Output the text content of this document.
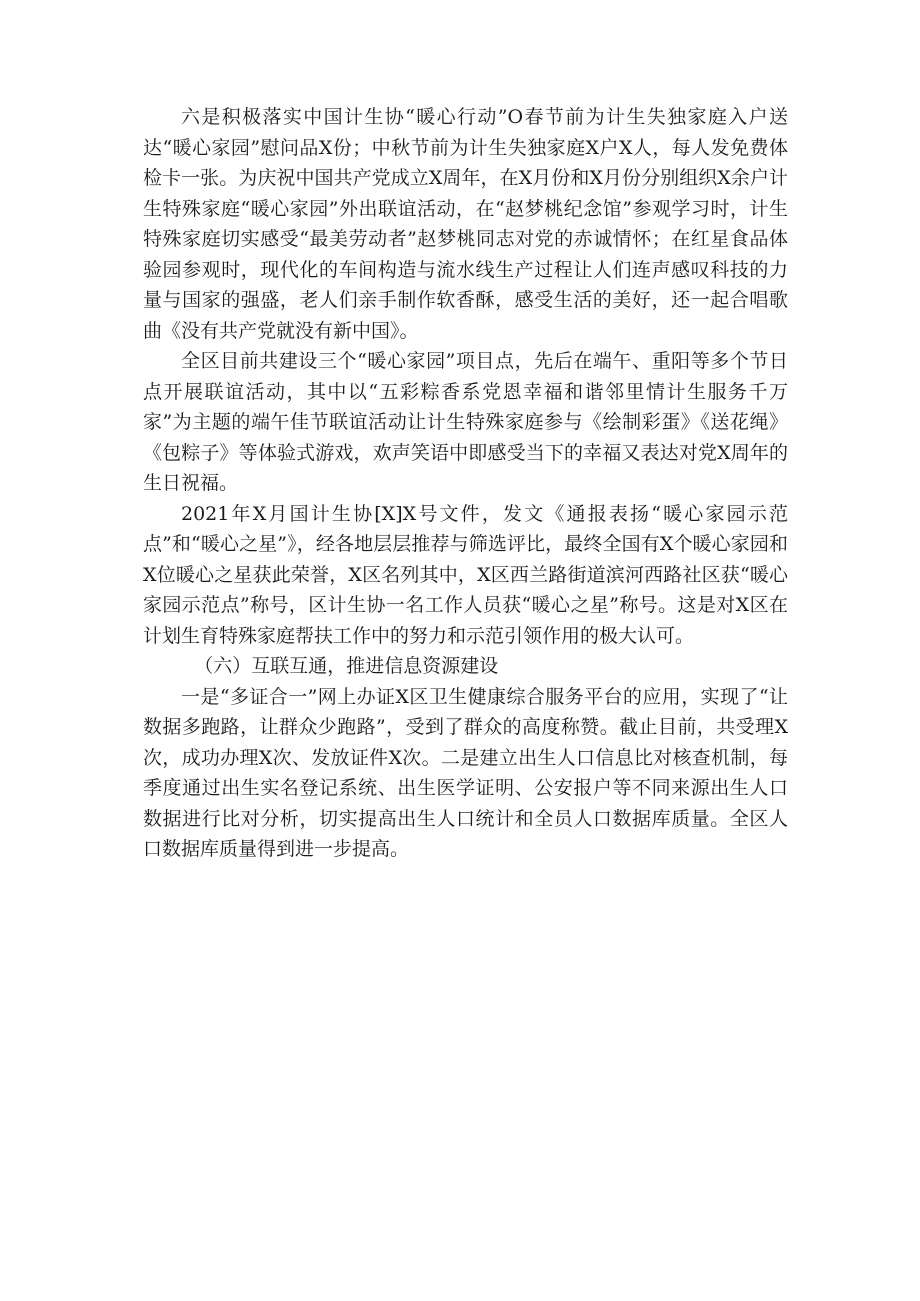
六是积极落实中国计生协“暖心行动”O春节前为计生失独家庭入户送达“暖心家园”慰问品X份；中秋节前为计生失独家庭X户X人，每人发免费体检卡一张。为庆祝中国共产党成立X周年，在X月份和X月份分别组织X余户计生特殊家庭“暖心家园”外出联谊活动，在“赵梦桃纪念馆”参观学习时，计生特殊家庭切实感受“最美劳动者”赵梦桃同志对党的赤诚情怀；在红星食品体验园参观时，现代化的车间构造与流水线生产过程让人们连声感叹科技的力量与国家的强盛，老人们亲手制作软香酥，感受生活的美好，还一起合唱歌曲《没有共产党就没有新中国》。

全区目前共建设三个“暖心家园”项目点，先后在端午、重阳等多个节日点开展联谊活动，其中以“五彩粽香系党恩幸福和谐邻里情计生服务千万家”为主题的端午佳节联谊活动让计生特殊家庭参与《绘制彩蛋》《送花绳》《包粽子》等体验式游戏，欢声笑语中即感受当下的幸福又表达对党X周年的生日祝福。

2021年X月国计生协[X]X号文件，发文《通报表扬“暖心家园示范点”和“暖心之星”》，经各地层层推荐与筛选评比，最终全国有X个暖心家园和X位暖心之星获此荣誉，X区名列其中，X区西兰路街道滨河西路社区获“暖心家园示范点”称号，区计生协一名工作人员获“暖心之星”称号。这是对X区在计划生育特殊家庭帮扶工作中的努力和示范引领作用的极大认可。

（六）互联互通，推进信息资源建设

一是“多证合一”网上办证X区卫生健康综合服务平台的应用，实现了“让数据多跑路，让群众少跑路”，受到了群众的高度称赞。截止目前，共受理X次，成功办理X次、发放证件X次。二是建立出生人口信息比对核查机制，每季度通过出生实名登记系统、出生医学证明、公安报户等不同来源出生人口数据进行比对分析，切实提高出生人口统计和全员人口数据库质量。全区人口数据库质量得到进一步提高。
